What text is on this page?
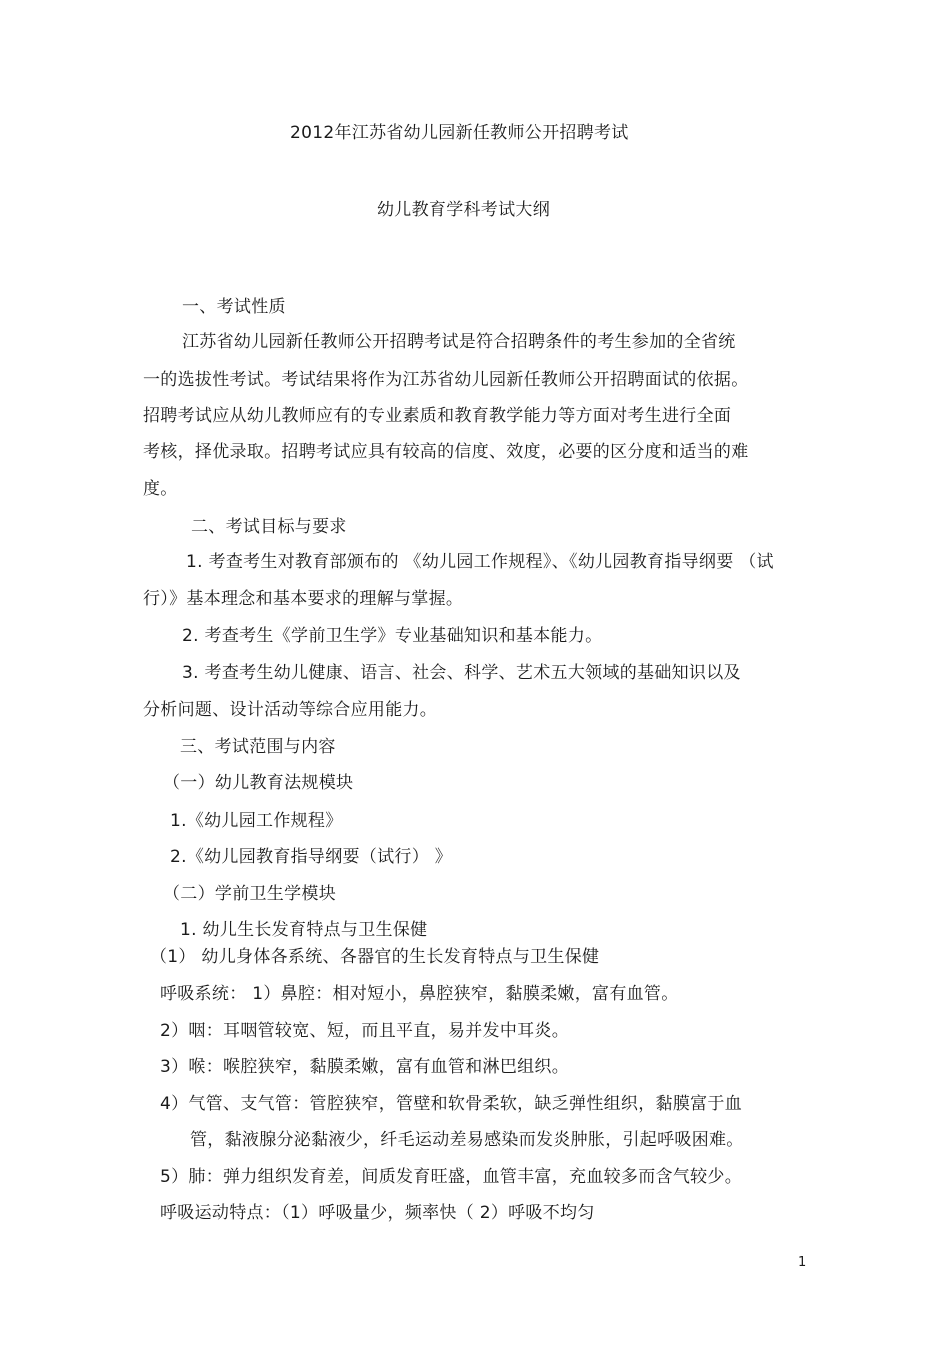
2012年江苏省幼儿园新任教师公开招聘考试
幼儿教育学科考试大纲
一、考试性质
江苏省幼儿园新任教师公开招聘考试是符合招聘条件的考生参加的全省统
一的选拔性考试。考试结果将作为江苏省幼儿园新任教师公开招聘面试的依据。
招聘考试应从幼儿教师应有的专业素质和教育教学能力等方面对考生进行全面
考核，择优录取。招聘考试应具有较高的信度、效度，必要的区分度和适当的难
度。
二、考试目标与要求
1. 考查考生对教育部颁布的 《幼儿园工作规程》、《幼儿园教育指导纲要 （试
行）》基本理念和基本要求的理解与掌握。
2. 考查考生《学前卫生学》专业基础知识和基本能力。
3. 考查考生幼儿健康、语言、社会、科学、艺术五大领域的基础知识以及
分析问题、设计活动等综合应用能力。
三、考试范围与内容
（一）幼儿教育法规模块
1.《幼儿园工作规程》
2.《幼儿园教育指导纲要（试行） 》
（二）学前卫生学模块
1. 幼儿生长发育特点与卫生保健
（1） 幼儿身体各系统、各器官的生长发育特点与卫生保健
呼吸系统： 1）鼻腔：相对短小，鼻腔狭窄，黏膜柔嫩，富有血管。
2）咽：耳咽管较宽、短，而且平直，易并发中耳炎。
3）喉：喉腔狭窄，黏膜柔嫩，富有血管和淋巴组织。
4）气管、支气管：管腔狭窄，管壁和软骨柔软，缺乏弹性组织，黏膜富于血
管，黏液腺分泌黏液少，纤毛运动差易感染而发炎肿胀，引起呼吸困难。
5）肺：弹力组织发育差，间质发育旺盛，血管丰富，充血较多而含气较少。
呼吸运动特点：（1）呼吸量少，频率快（ 2）呼吸不均匀
1
